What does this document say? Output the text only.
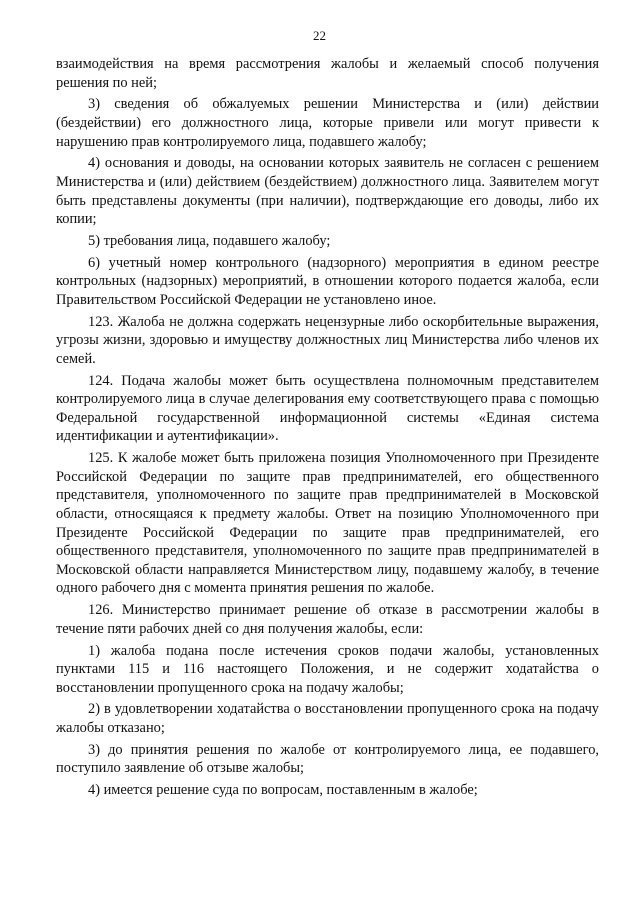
22

взаимодействия на время рассмотрения жалобы и желаемый способ получения решения по ней;

3) сведения об обжалуемых решении Министерства и (или) действии (бездействии) его должностного лица, которые привели или могут привести к нарушению прав контролируемого лица, подавшего жалобу;

4) основания и доводы, на основании которых заявитель не согласен с решением Министерства и (или) действием (бездействием) должностного лица. Заявителем могут быть представлены документы (при наличии), подтверждающие его доводы, либо их копии;

5) требования лица, подавшего жалобу;

6) учетный номер контрольного (надзорного) мероприятия в едином реестре контрольных (надзорных) мероприятий, в отношении которого подается жалоба, если Правительством Российской Федерации не установлено иное.

123. Жалоба не должна содержать нецензурные либо оскорбительные выражения, угрозы жизни, здоровью и имуществу должностных лиц Министерства либо членов их семей.

124. Подача жалобы может быть осуществлена полномочным представителем контролируемого лица в случае делегирования ему соответствующего права с помощью Федеральной государственной информационной системы «Единая система идентификации и аутентификации».

125. К жалобе может быть приложена позиция Уполномоченного при Президенте Российской Федерации по защите прав предпринимателей, его общественного представителя, уполномоченного по защите прав предпринимателей в Московской области, относящаяся к предмету жалобы. Ответ на позицию Уполномоченного при Президенте Российской Федерации по защите прав предпринимателей, его общественного представителя, уполномоченного по защите прав предпринимателей в Московской области направляется Министерством лицу, подавшему жалобу, в течение одного рабочего дня с момента принятия решения по жалобе.

126. Министерство принимает решение об отказе в рассмотрении жалобы в течение пяти рабочих дней со дня получения жалобы, если:

1) жалоба подана после истечения сроков подачи жалобы, установленных пунктами 115 и 116 настоящего Положения, и не содержит ходатайства о восстановлении пропущенного срока на подачу жалобы;

2) в удовлетворении ходатайства о восстановлении пропущенного срока на подачу жалобы отказано;

3) до принятия решения по жалобе от контролируемого лица, ее подавшего, поступило заявление об отзыве жалобы;

4) имеется решение суда по вопросам, поставленным в жалобе;
